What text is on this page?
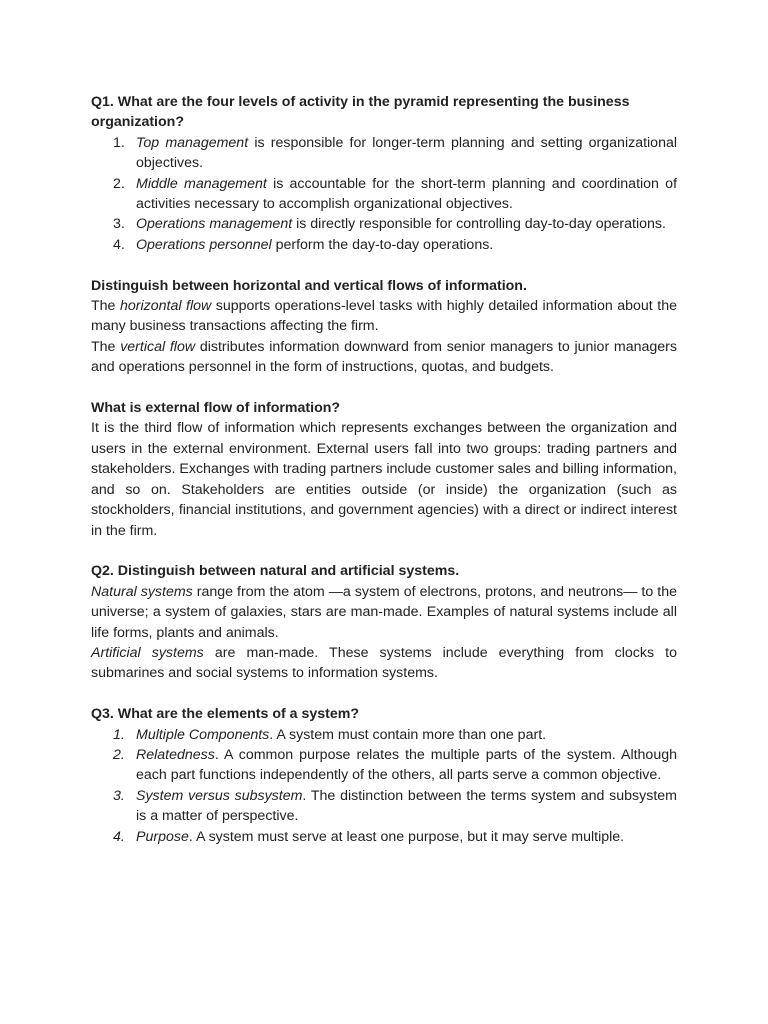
Q1. What are the four levels of activity in the pyramid representing the business organization?

1. Top management is responsible for longer-term planning and setting organizational objectives.
2. Middle management is accountable for the short-term planning and coordination of activities necessary to accomplish organizational objectives.
3. Operations management is directly responsible for controlling day-to-day operations.
4. Operations personnel perform the day-to-day operations.

Distinguish between horizontal and vertical flows of information.

The horizontal flow supports operations-level tasks with highly detailed information about the many business transactions affecting the firm.

The vertical flow distributes information downward from senior managers to junior managers and operations personnel in the form of instructions, quotas, and budgets.

What is external flow of information?

It is the third flow of information which represents exchanges between the organization and users in the external environment. External users fall into two groups: trading partners and stakeholders. Exchanges with trading partners include customer sales and billing information, and so on. Stakeholders are entities outside (or inside) the organization (such as stockholders, financial institutions, and government agencies) with a direct or indirect interest in the firm.

Q2. Distinguish between natural and artificial systems.

Natural systems range from the atom —a system of electrons, protons, and neutrons— to the universe; a system of galaxies, stars are man-made. Examples of natural systems include all life forms, plants and animals.

Artificial systems are man-made. These systems include everything from clocks to submarines and social systems to information systems.

Q3. What are the elements of a system?

1. Multiple Components. A system must contain more than one part.
2. Relatedness. A common purpose relates the multiple parts of the system. Although each part functions independently of the others, all parts serve a common objective.
3. System versus subsystem. The distinction between the terms system and subsystem is a matter of perspective.
4. Purpose. A system must serve at least one purpose, but it may serve multiple.
